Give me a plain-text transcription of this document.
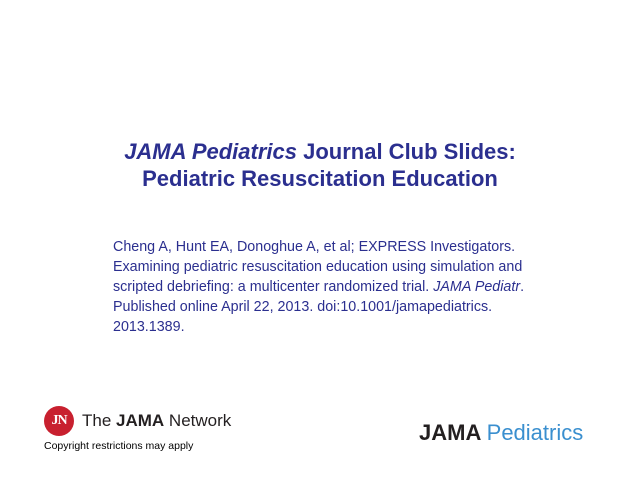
JAMA Pediatrics Journal Club Slides:
Pediatric Resuscitation Education
Cheng A, Hunt EA, Donoghue A, et al; EXPRESS Investigators.
Examining pediatric resuscitation education using simulation and
scripted debriefing: a multicenter randomized trial. JAMA Pediatr.
Published online April 22, 2013. doi:10.1001/jamapediatrics.
2013.1389.
JN The JAMA Network
Copyright restrictions may apply
JAMA Pediatrics
